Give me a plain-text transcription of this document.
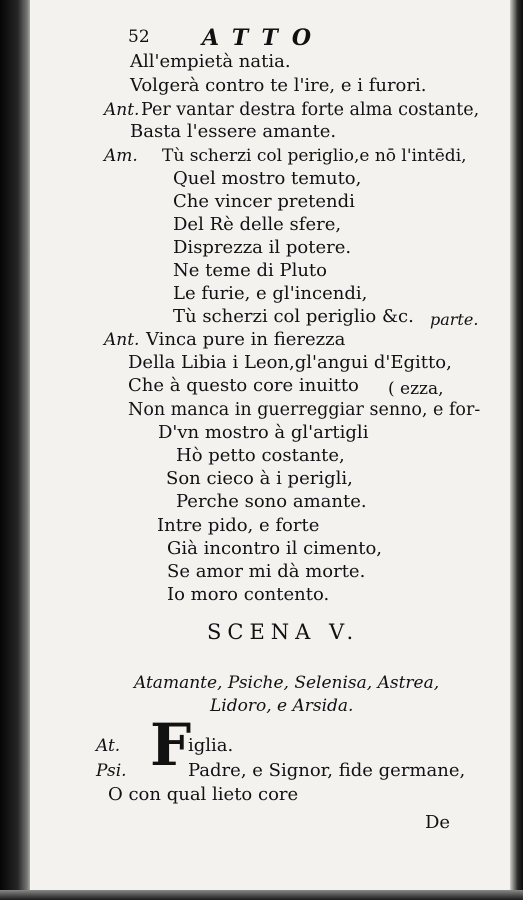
52 ATTO
All'empietà natia.
Volgerà contro te l'ire, e i furori.
Ant. Per vantar destra forte alma costante,
Basta l'essere amante.
Am. Tù scherzi col periglio,e nō l'intēdi,
Quel mostro temuto,
Che vincer pretendi
Del Rè delle sfere,
Disprezza il potere.
Ne teme di Pluto
Le furie, e gl'incendi,
Tù scherzi col periglio &c. parte.
Ant. Vinca pure in fierezza
Della Libia i Leon,gl'angui d'Egitto,
Che à questo core inuitto ( ezza,
Non manca in guerreggiar senno, e for-
D'vn mostro à gl'artigli
Hò petto costante,
Son cieco à i perigli,
Perche sono amante.
Intre pido, e forte
Già incontro il cimento,
Se amor mi dà morte.
Io moro contento.
SCENA V.
Atamante, Psiche, Selenisa, Astrea,
Lidoro, e Arsida.
At. F
iglia.
Psi.	Padre, e Signor, fide germane,
O con qual lieto core
De
